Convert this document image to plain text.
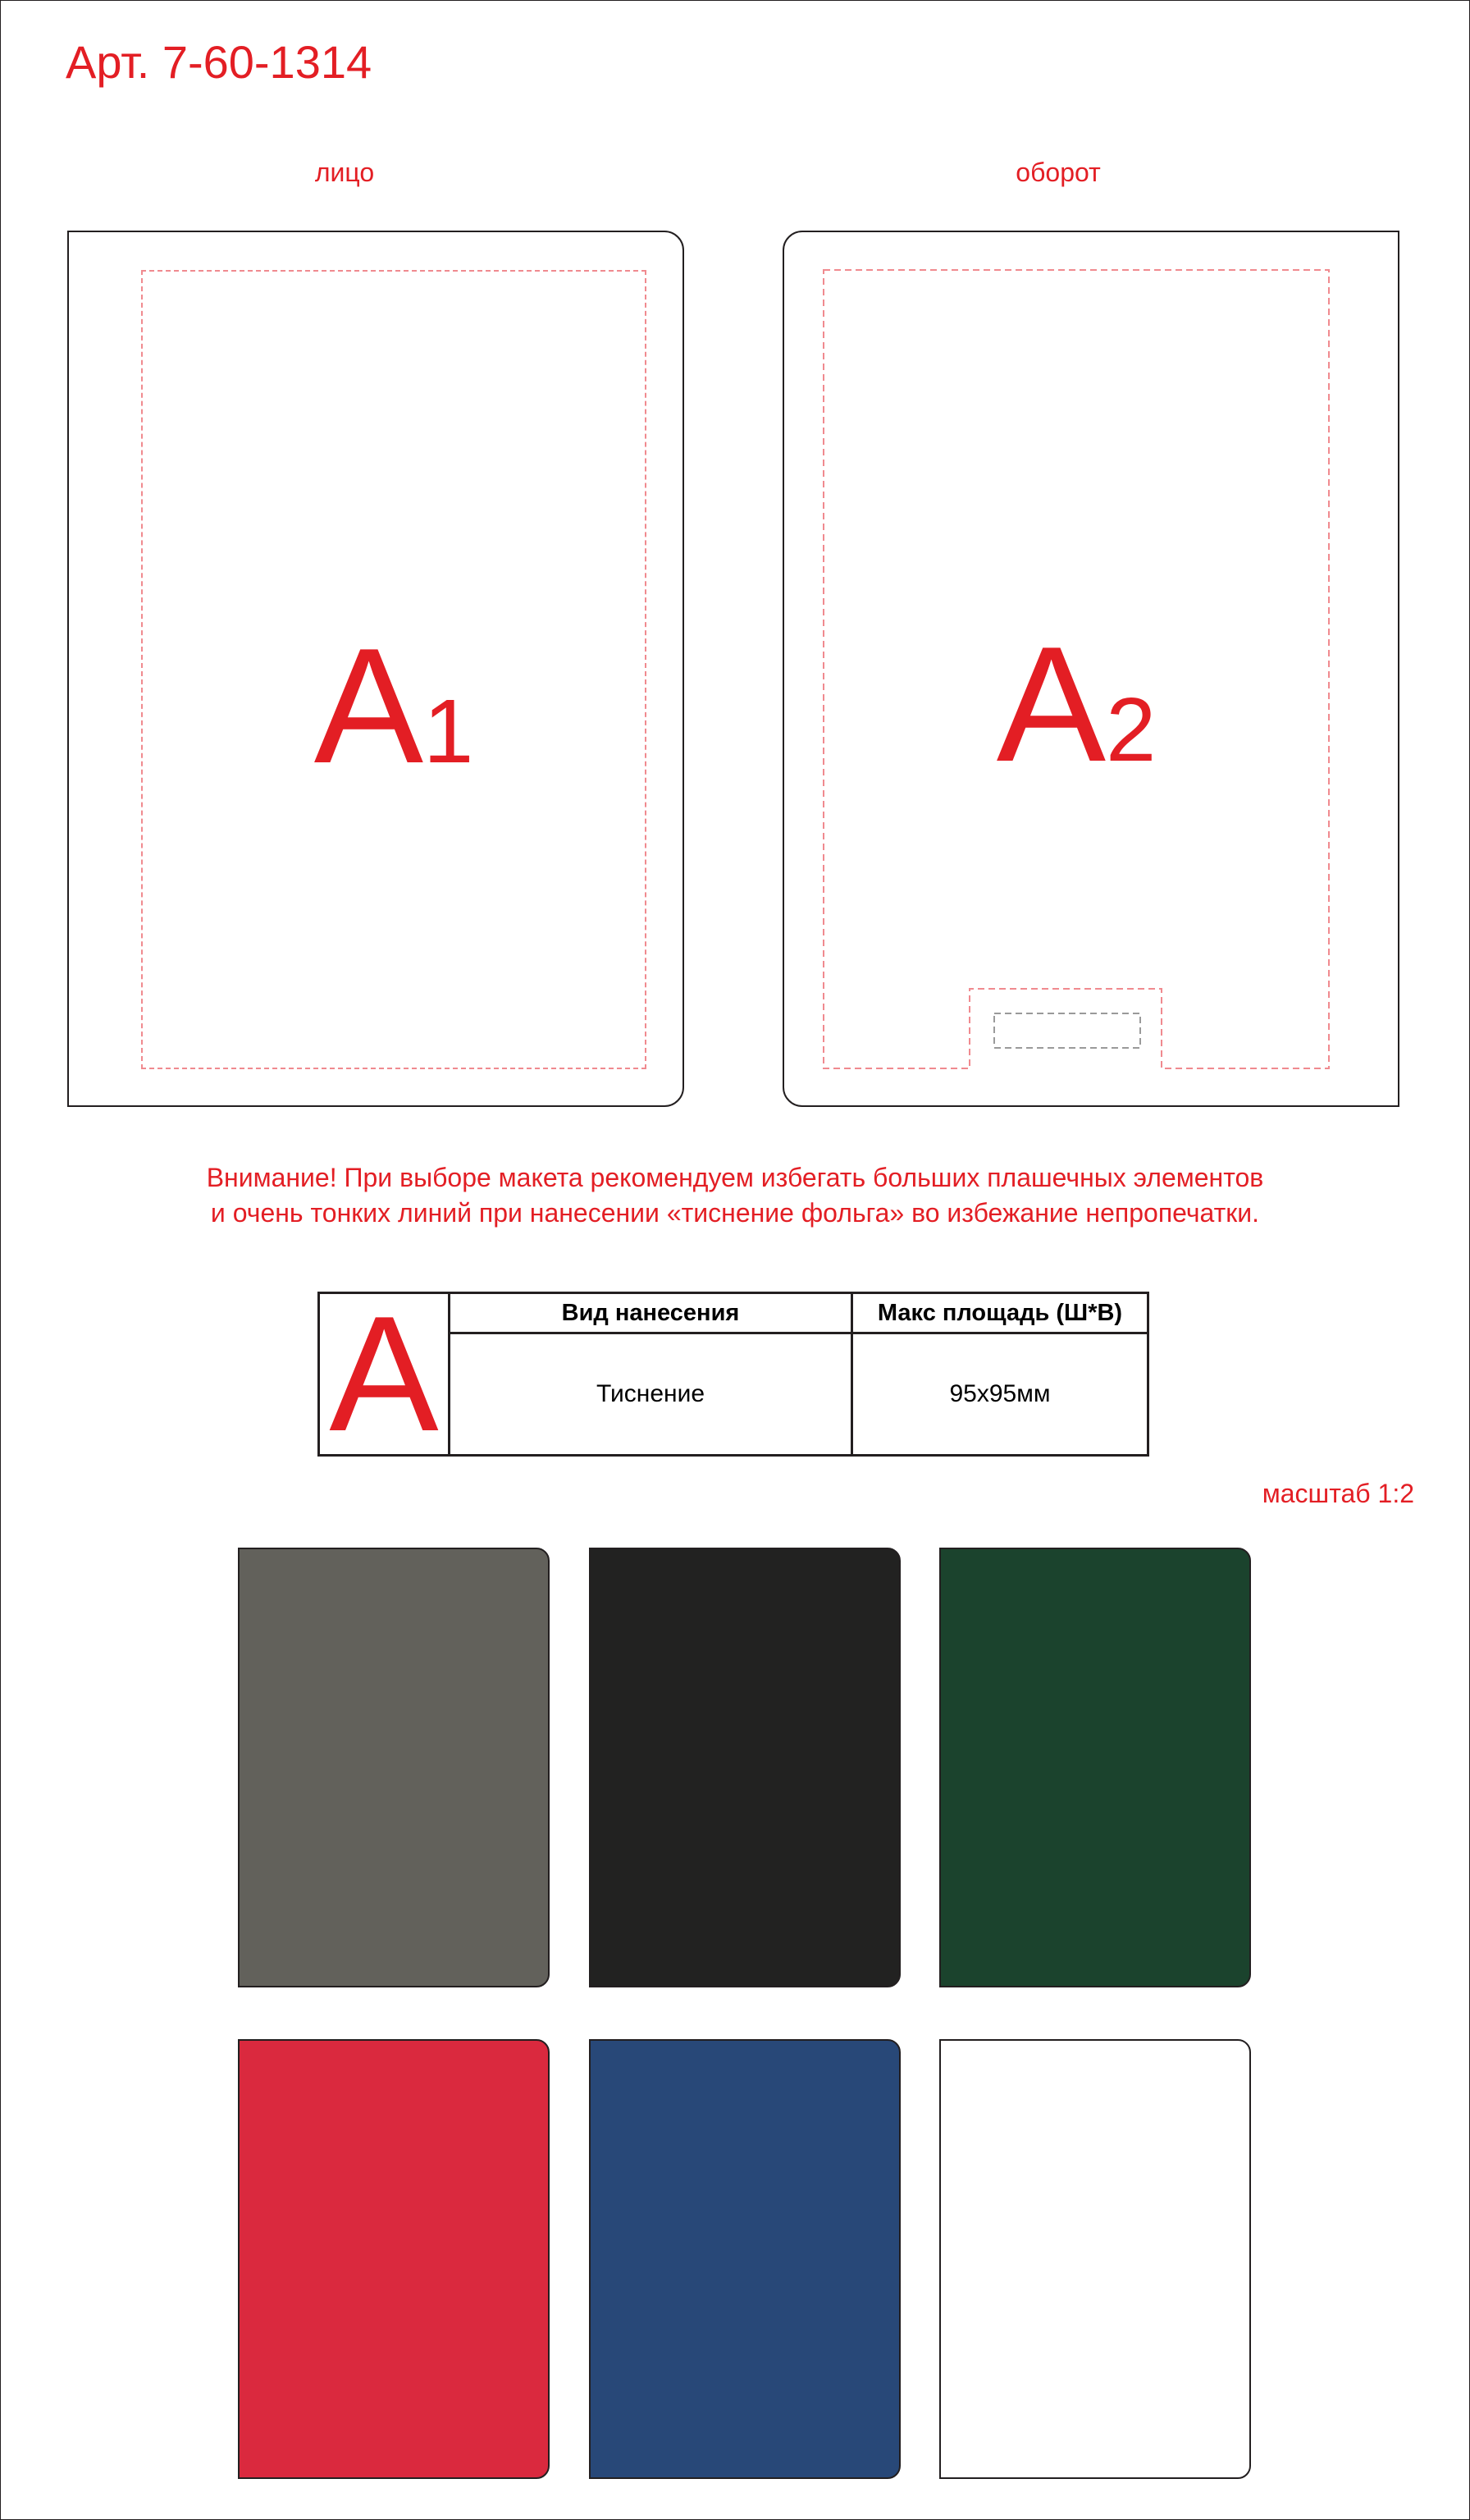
Арт. 7-60-1314
лицо	оборот
A1	A2
Внимание! При выборе макета рекомендуем избегать больших плашечных элементов
и очень тонких линий при нанесении «тиснение фольга» во избежание непропечатки.
A	Вид нанесения	Макс площадь (Ш*В)
	Тиснение	95x95мм
масштаб 1:2
